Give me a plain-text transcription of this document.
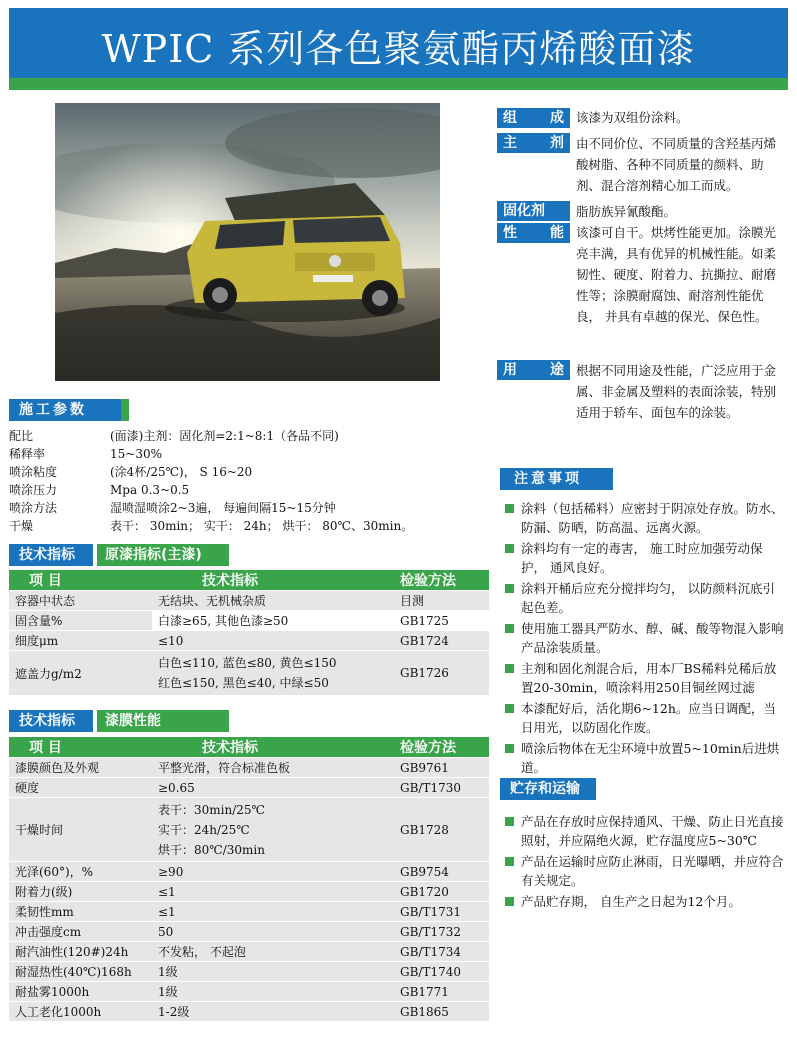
WPIC 系列各色聚氨酯丙烯酸面漆
组 成 该漆为双组份涂料。
主 剂 由不同价位、不同质量的含羟基丙烯酸树脂、各种不同质量的颜料、助剂、混合溶剂精心加工而成。
固化剂 脂肪族异氰酸酯。
性 能 该漆可自干。烘烤性能更加。涂膜光亮丰满，具有优异的机械性能。如柔韧性、硬度、附着力、抗撕拉、耐磨性等；涂膜耐腐蚀、耐溶剂性能优良， 并具有卓越的保光、保色性。
用 途 根据不同用途及性能，广泛应用于金属、非金属及塑料的表面涂装，特别适用于轿车、面包车的涂装。
施工参数
配比	(面漆)主剂：固化剂=2:1~8:1（各品不同)
稀释率	15~30%
喷涂粘度	(涂4杯/25℃)， S 16~20
喷涂压力	Mpa 0.3~0.5
喷涂方法	湿喷湿喷涂2~3遍， 每遍间隔15~15分钟
干燥	表干： 30min； 实干： 24h； 烘干： 80℃、30min。
技术指标	原漆指标(主漆)
项 目	技术指标	检验方法
容器中状态	无结块、无机械杂质	目测
固含量%	白漆≥65, 其他色漆≥50	GB1725
细度μm	≤10	GB1724
遮盖力g/m2	白色≤110, 蓝色≤80, 黄色≤150
红色≤150, 黑色≤40, 中绿≤50	GB1726
技术指标	漆膜性能
项 目	技术指标	检验方法
漆膜颜色及外观	平整光滑，符合标准色板	GB9761
硬度	≥0.65	GB/T1730
干燥时间	表干：30min/25℃
实干：24h/25℃
烘干：80℃/30min	GB1728
光泽(60°)，%	≥90	GB9754
附着力(级)	≤1	GB1720
柔韧性mm	≤1	GB/T1731
冲击强度cm	50	GB/T1732
耐汽油性(120#)24h	不发粘， 不起泡	GB/T1734
耐湿热性(40℃)168h	1级	GB/T1740
耐盐雾1000h	1级	GB1771
人工老化1000h	1-2级	GB1865
注意事项
涂料（包括稀料）应密封于阴凉处存放。防水、防漏、防晒，防高温、远离火源。
涂料均有一定的毒害， 施工时应加强劳动保护， 通风良好。
涂料开桶后应充分搅拌均匀， 以防颜料沉底引起色差。
使用施工器具严防水、醇、碱、酸等物混入影响产品涂装质量。
主剂和固化剂混合后，用本厂BS稀料兑稀后放置20-30min，喷涂料用250目铜丝网过滤
本漆配好后，活化期6~12h。应当日调配，当日用光，以防固化作废。
喷涂后物体在无尘环境中放置5~10min后进烘道。
贮存和运输
产品在存放时应保持通风、干燥、防止日光直接照射，并应隔绝火源，贮存温度应5~30℃
产品在运输时应防止淋雨，日光曝晒，并应符合有关规定。
产品贮存期， 自生产之日起为12个月。
